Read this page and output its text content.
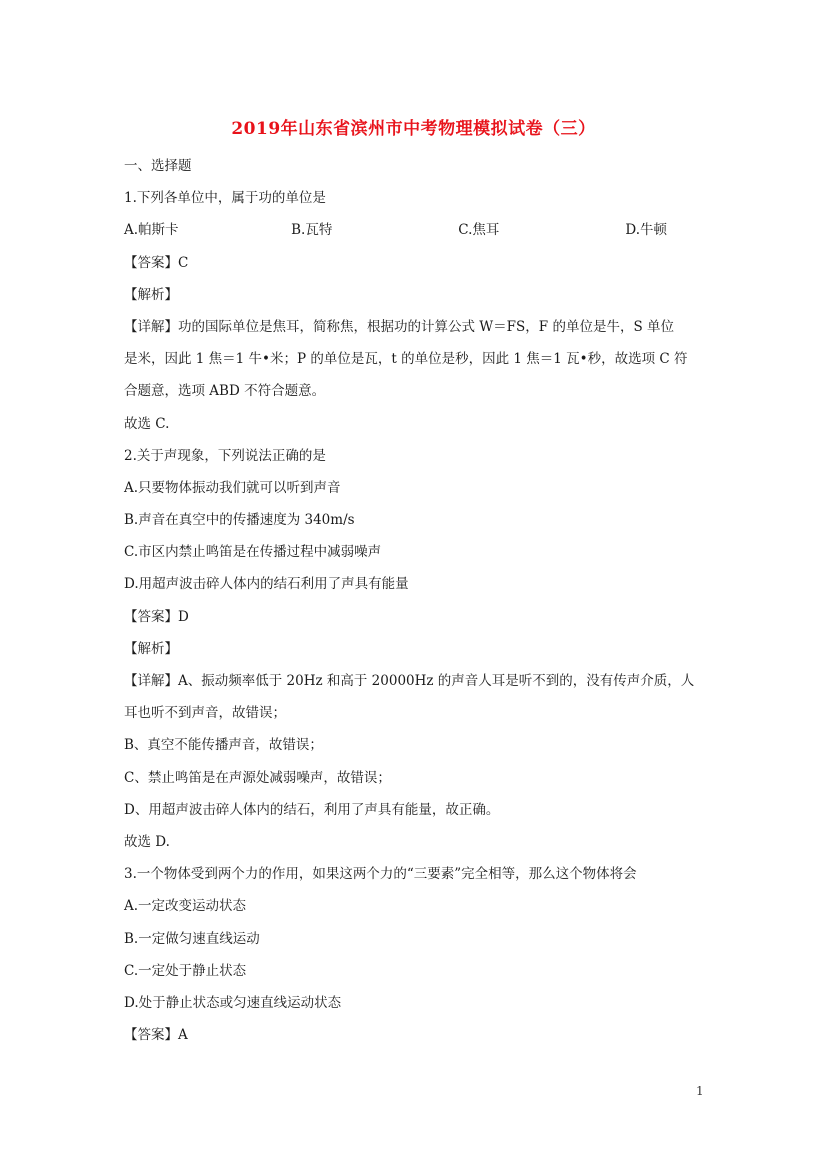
2019年山东省滨州市中考物理模拟试卷（三）
一、选择题
1.下列各单位中，属于功的单位是
A.帕斯卡	B.瓦特	C.焦耳	D.牛顿
【答案】C
【解析】
【详解】功的国际单位是焦耳，简称焦，根据功的计算公式 W＝FS，F 的单位是牛，S 单位
是米，因此 1 焦＝1 牛•米；P 的单位是瓦，t 的单位是秒，因此 1 焦＝1 瓦•秒，故选项 C 符
合题意，选项 ABD 不符合题意。
故选 C.
2.关于声现象，下列说法正确的是
A.只要物体振动我们就可以听到声音
B.声音在真空中的传播速度为 340m/s
C.市区内禁止鸣笛是在传播过程中减弱噪声
D.用超声波击碎人体内的结石利用了声具有能量
【答案】D
【解析】
【详解】A、振动频率低于 20Hz 和高于 20000Hz 的声音人耳是听不到的，没有传声介质，人
耳也听不到声音，故错误；
B、真空不能传播声音，故错误；
C、禁止鸣笛是在声源处减弱噪声，故错误；
D、用超声波击碎人体内的结石，利用了声具有能量，故正确。
故选 D.
3.一个物体受到两个力的作用，如果这两个力的“三要素”完全相等，那么这个物体将会
A.一定改变运动状态
B.一定做匀速直线运动
C.一定处于静止状态
D.处于静止状态或匀速直线运动状态
【答案】A
1
